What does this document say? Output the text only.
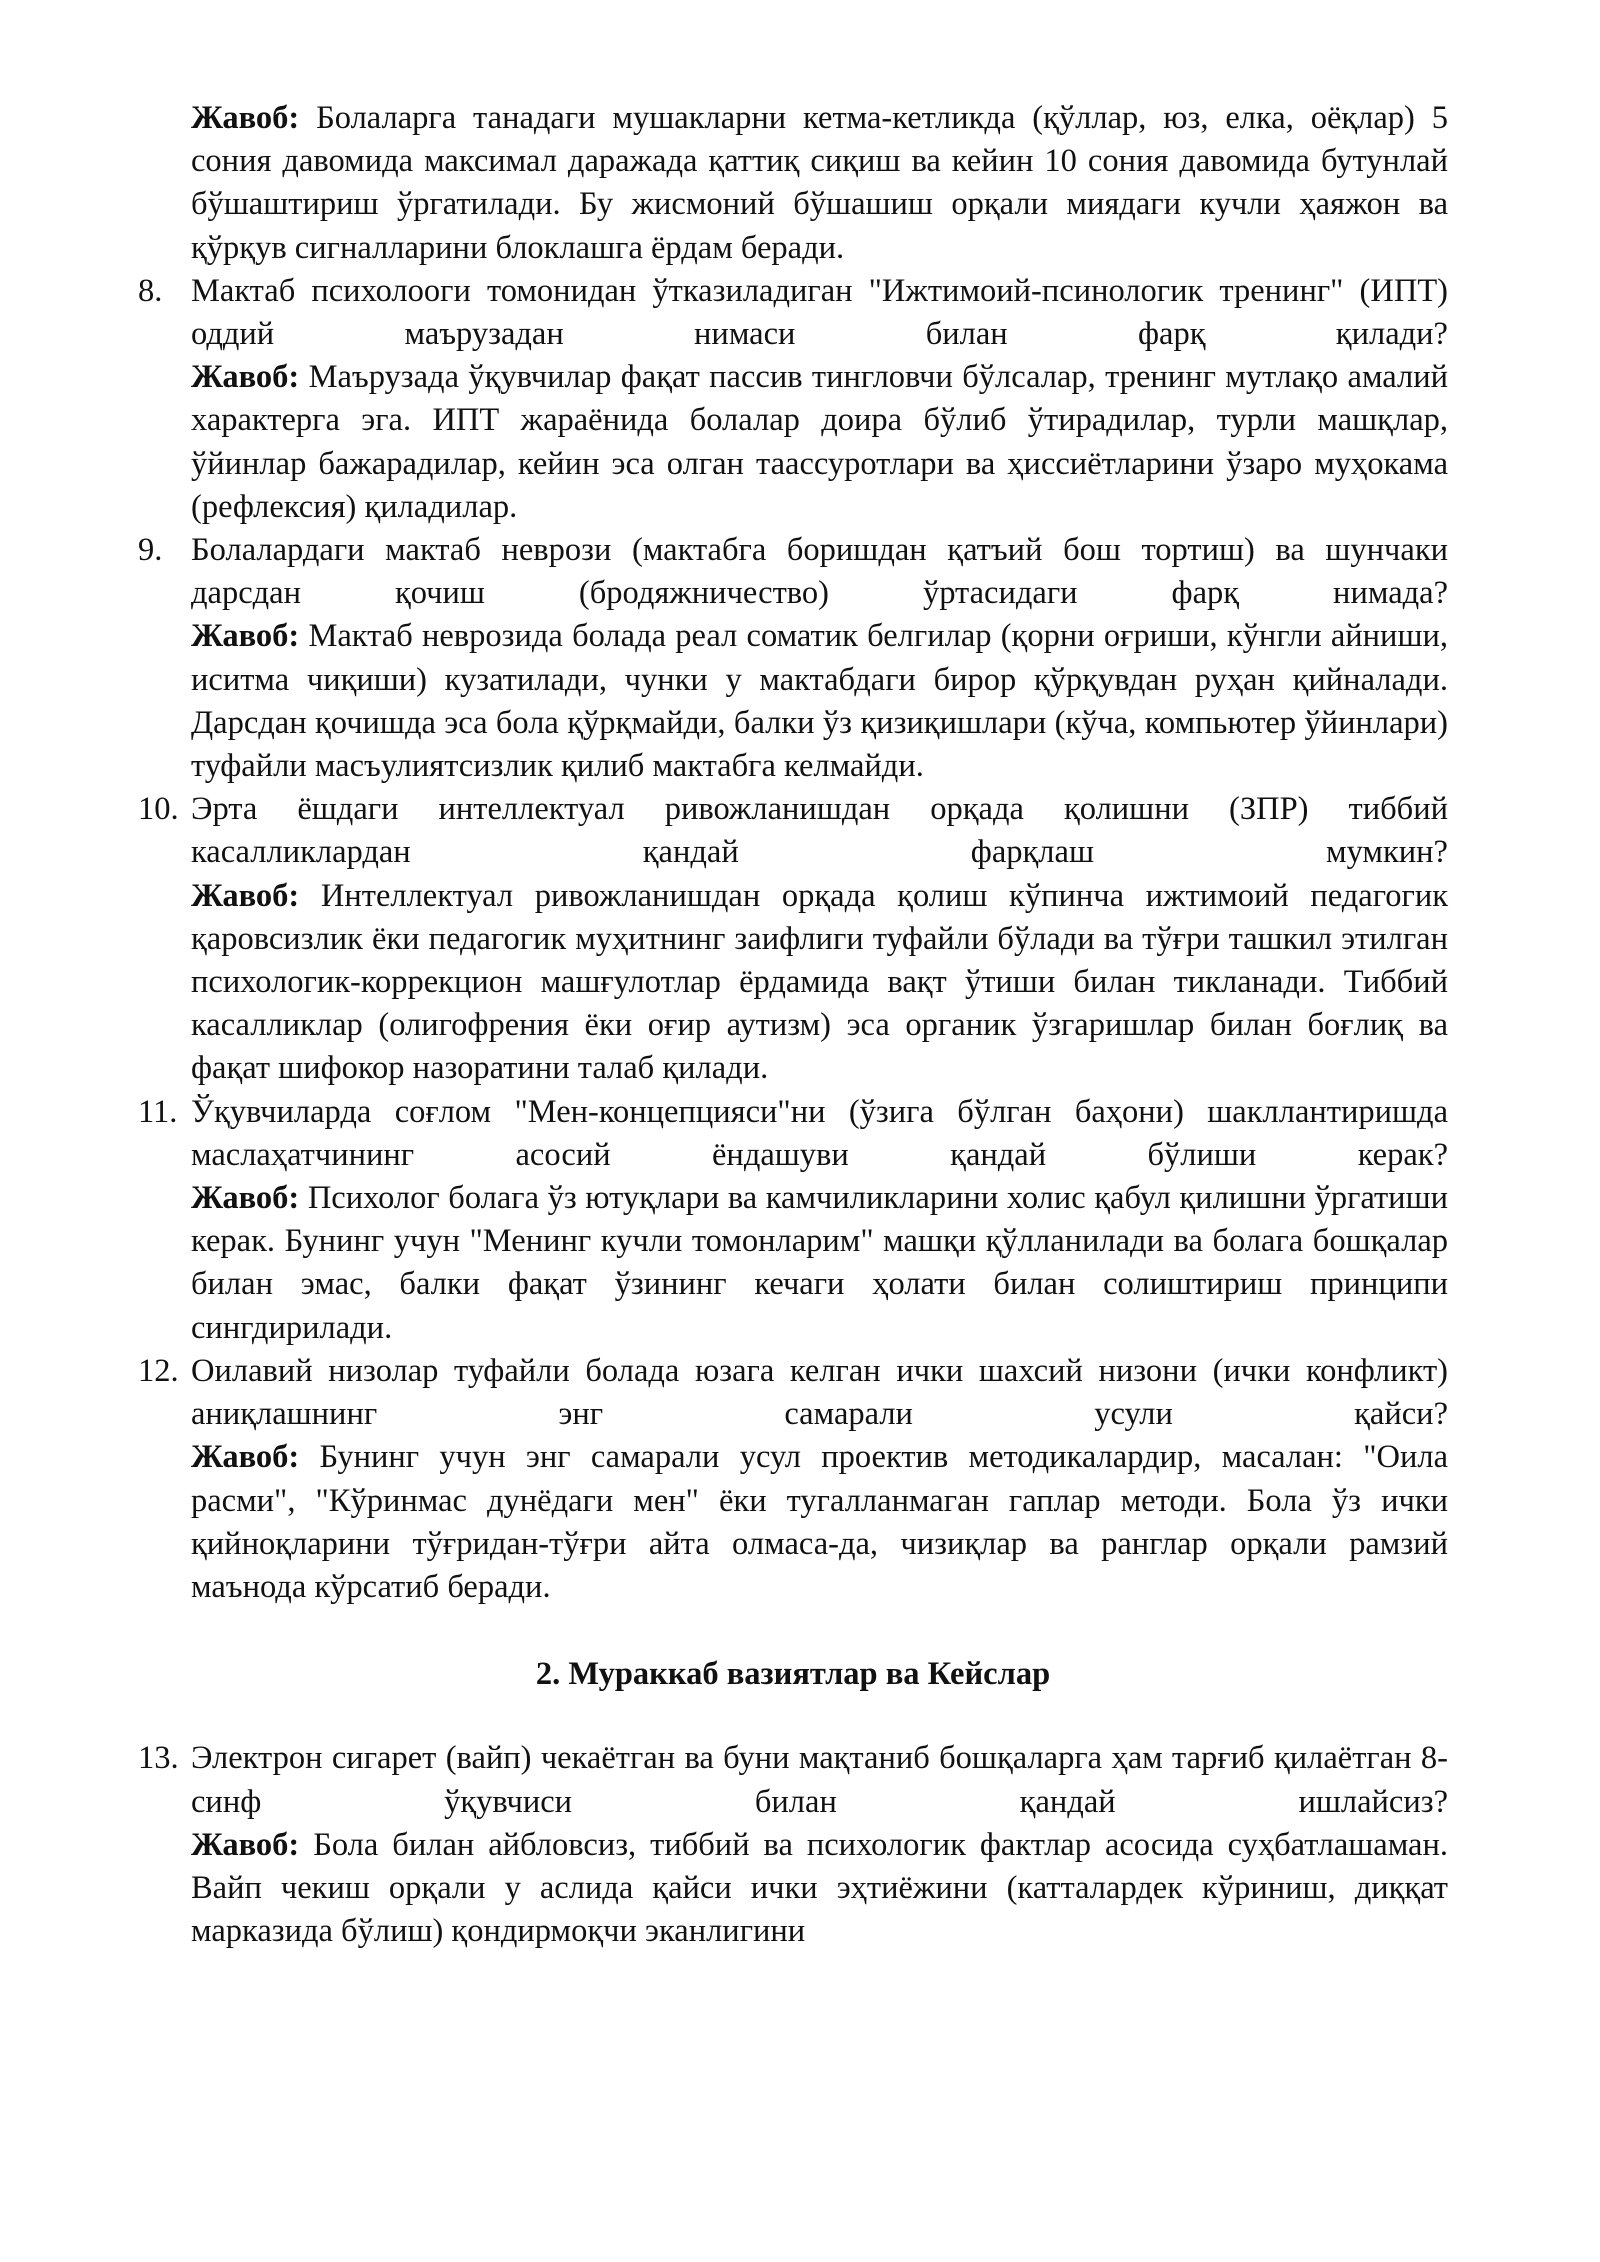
Жавоб: Болаларга танадаги мушакларни кетма-кетликда (қўллар, юз, елка, оёқлар) 5 сония давомида максимал даражада қаттиқ сиқиш ва кейин 10 сония давомида бутунлай бўшаштириш ўргатилади. Бу жисмоний бўшашиш орқали миядаги кучли ҳаяжон ва қўрқув сигналларини блоклашга ёрдам беради.
8. Мактаб психолооги томонидан ўтказиладиган "Ижтимоий-псинологик тренинг" (ИПТ) оддий маърузадан нимаси билан фарқ қилади?
Жавоб: Маърузада ўқувчилар фақат пассив тингловчи бўлсалар, тренинг мутлақо амалий характерга эга. ИПТ жараёнида болалар доира бўлиб ўтирадилар, турли машқлар, ўйинлар бажарадилар, кейин эса олган таассуротлари ва ҳиссиётларини ўзаро муҳокама (рефлексия) қиладилар.
9. Болалардаги мактаб неврози (мактабга боришдан қатъий бош тортиш) ва шунчаки дарсдан қочиш (бродяжничество) ўртасидаги фарқ нимада?
Жавоб: Мактаб неврозида болада реал соматик белгилар (қорни оғриши, кўнгли айниши, иситма чиқиши) кузатилади, чунки у мактабдаги бирор қўрқувдан руҳан қийналади. Дарсдан қочишда эса бола қўрқмайди, балки ўз қизиқишлари (кўча, компьютер ўйинлари) туфайли масъулиятсизлик қилиб мактабга келмайди.
10. Эрта ёшдаги интеллектуал ривожланишдан орқада қолишни (ЗПР) тиббий касалликлардан қандай фарқлаш мумкин?
Жавоб: Интеллектуал ривожланишдан орқада қолиш кўпинча ижтимоий педагогик қаровсизлик ёки педагогик муҳитнинг заифлиги туфайли бўлади ва тўғри ташкил этилган психологик-коррекцион машғулотлар ёрдамида вақт ўтиши билан тикланади. Тиббий касалликлар (олигофрения ёки оғир аутизм) эса органик ўзгаришлар билан боғлиқ ва фақат шифокор назоратини талаб қилади.
11. Ўқувчиларда соғлом "Мен-концепцияси"ни (ўзига бўлган баҳони) шакллантиришда маслаҳатчининг асосий ёндашуви қандай бўлиши керак?
Жавоб: Психолог болага ўз ютуқлари ва камчиликларини холис қабул қилишни ўргатиши керак. Бунинг учун "Менинг кучли томонларим" машқи қўлланилади ва болага бошқалар билан эмас, балки фақат ўзининг кечаги ҳолати билан солиштириш принципи сингдирилади.
12. Оилавий низолар туфайли болада юзага келган ички шахсий низони (ички конфликт) аниқлашнинг энг самарали усули қайси?
Жавоб: Бунинг учун энг самарали усул проектив методикалардир, масалан: "Оила расми", "Кўринмас дунёдаги мен" ёки тугалланмаган гаплар методи. Бола ўз ички қийноқларини тўғридан-тўғри айта олмаса-да, чизиқлар ва ранглар орқали рамзий маънода кўрсатиб беради.
2. Мураккаб вазиятлар ва Кейслар
13. Электрон сигарет (вайп) чекаётган ва буни мақтаниб бошқаларга ҳам тарғиб қилаётган 8-синф ўқувчиси билан қандай ишлайсиз?
Жавоб: Бола билан айбловсиз, тиббий ва психологик фактлар асосида суҳбатлашаман. Вайп чекиш орқали у аслида қайси ички эҳтиёжини (катталардек кўриниш, диққат марказида бўлиш) қондирмоқчи эканлигини
